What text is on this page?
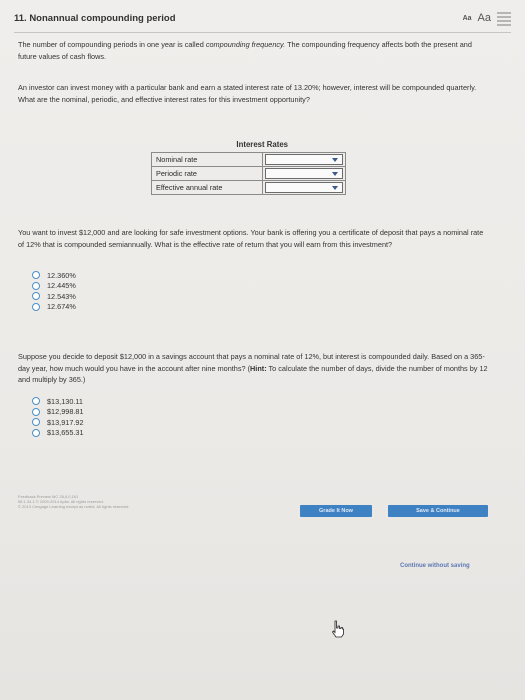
11. Nonannual compounding period	Aa Aa

The number of compounding periods in one year is called compounding frequency. The compounding frequency affects both the present and future values of cash flows.

An investor can invest money with a particular bank and earn a stated interest rate of 13.20%; however, interest will be compounded quarterly. What are the nominal, periodic, and effective interest rates for this investment opportunity?

Interest Rates
Nominal rate	

Periodic rate	

Effective annual rate	

You want to invest $12,000 and are looking for safe investment options. Your bank is offering you a certificate of deposit that pays a nominal rate of 12% that is compounded semiannually. What is the effective rate of return that you will earn from this investment?

12.360%
12.445%
12.543%
12.674%

Suppose you decide to deposit $12,000 in a savings account that pays a nominal rate of 12%, but interest is compounded daily. Based on a 365-day year, how much would you have in the account after nine months? (Hint: To calculate the number of days, divide the number of months by 12 and multiply by 365.)

$13,130.11
$12,998.81
$13,917.92
$13,655.31
Feedback Preview MC 28,0,0,161
58.1.34.1 © 2009-2014 Aplia. All rights reserved.
© 2013 Cengage Learning except as noted. All rights reserved.
Grade It Now	Save & Continue
Continue without saving
